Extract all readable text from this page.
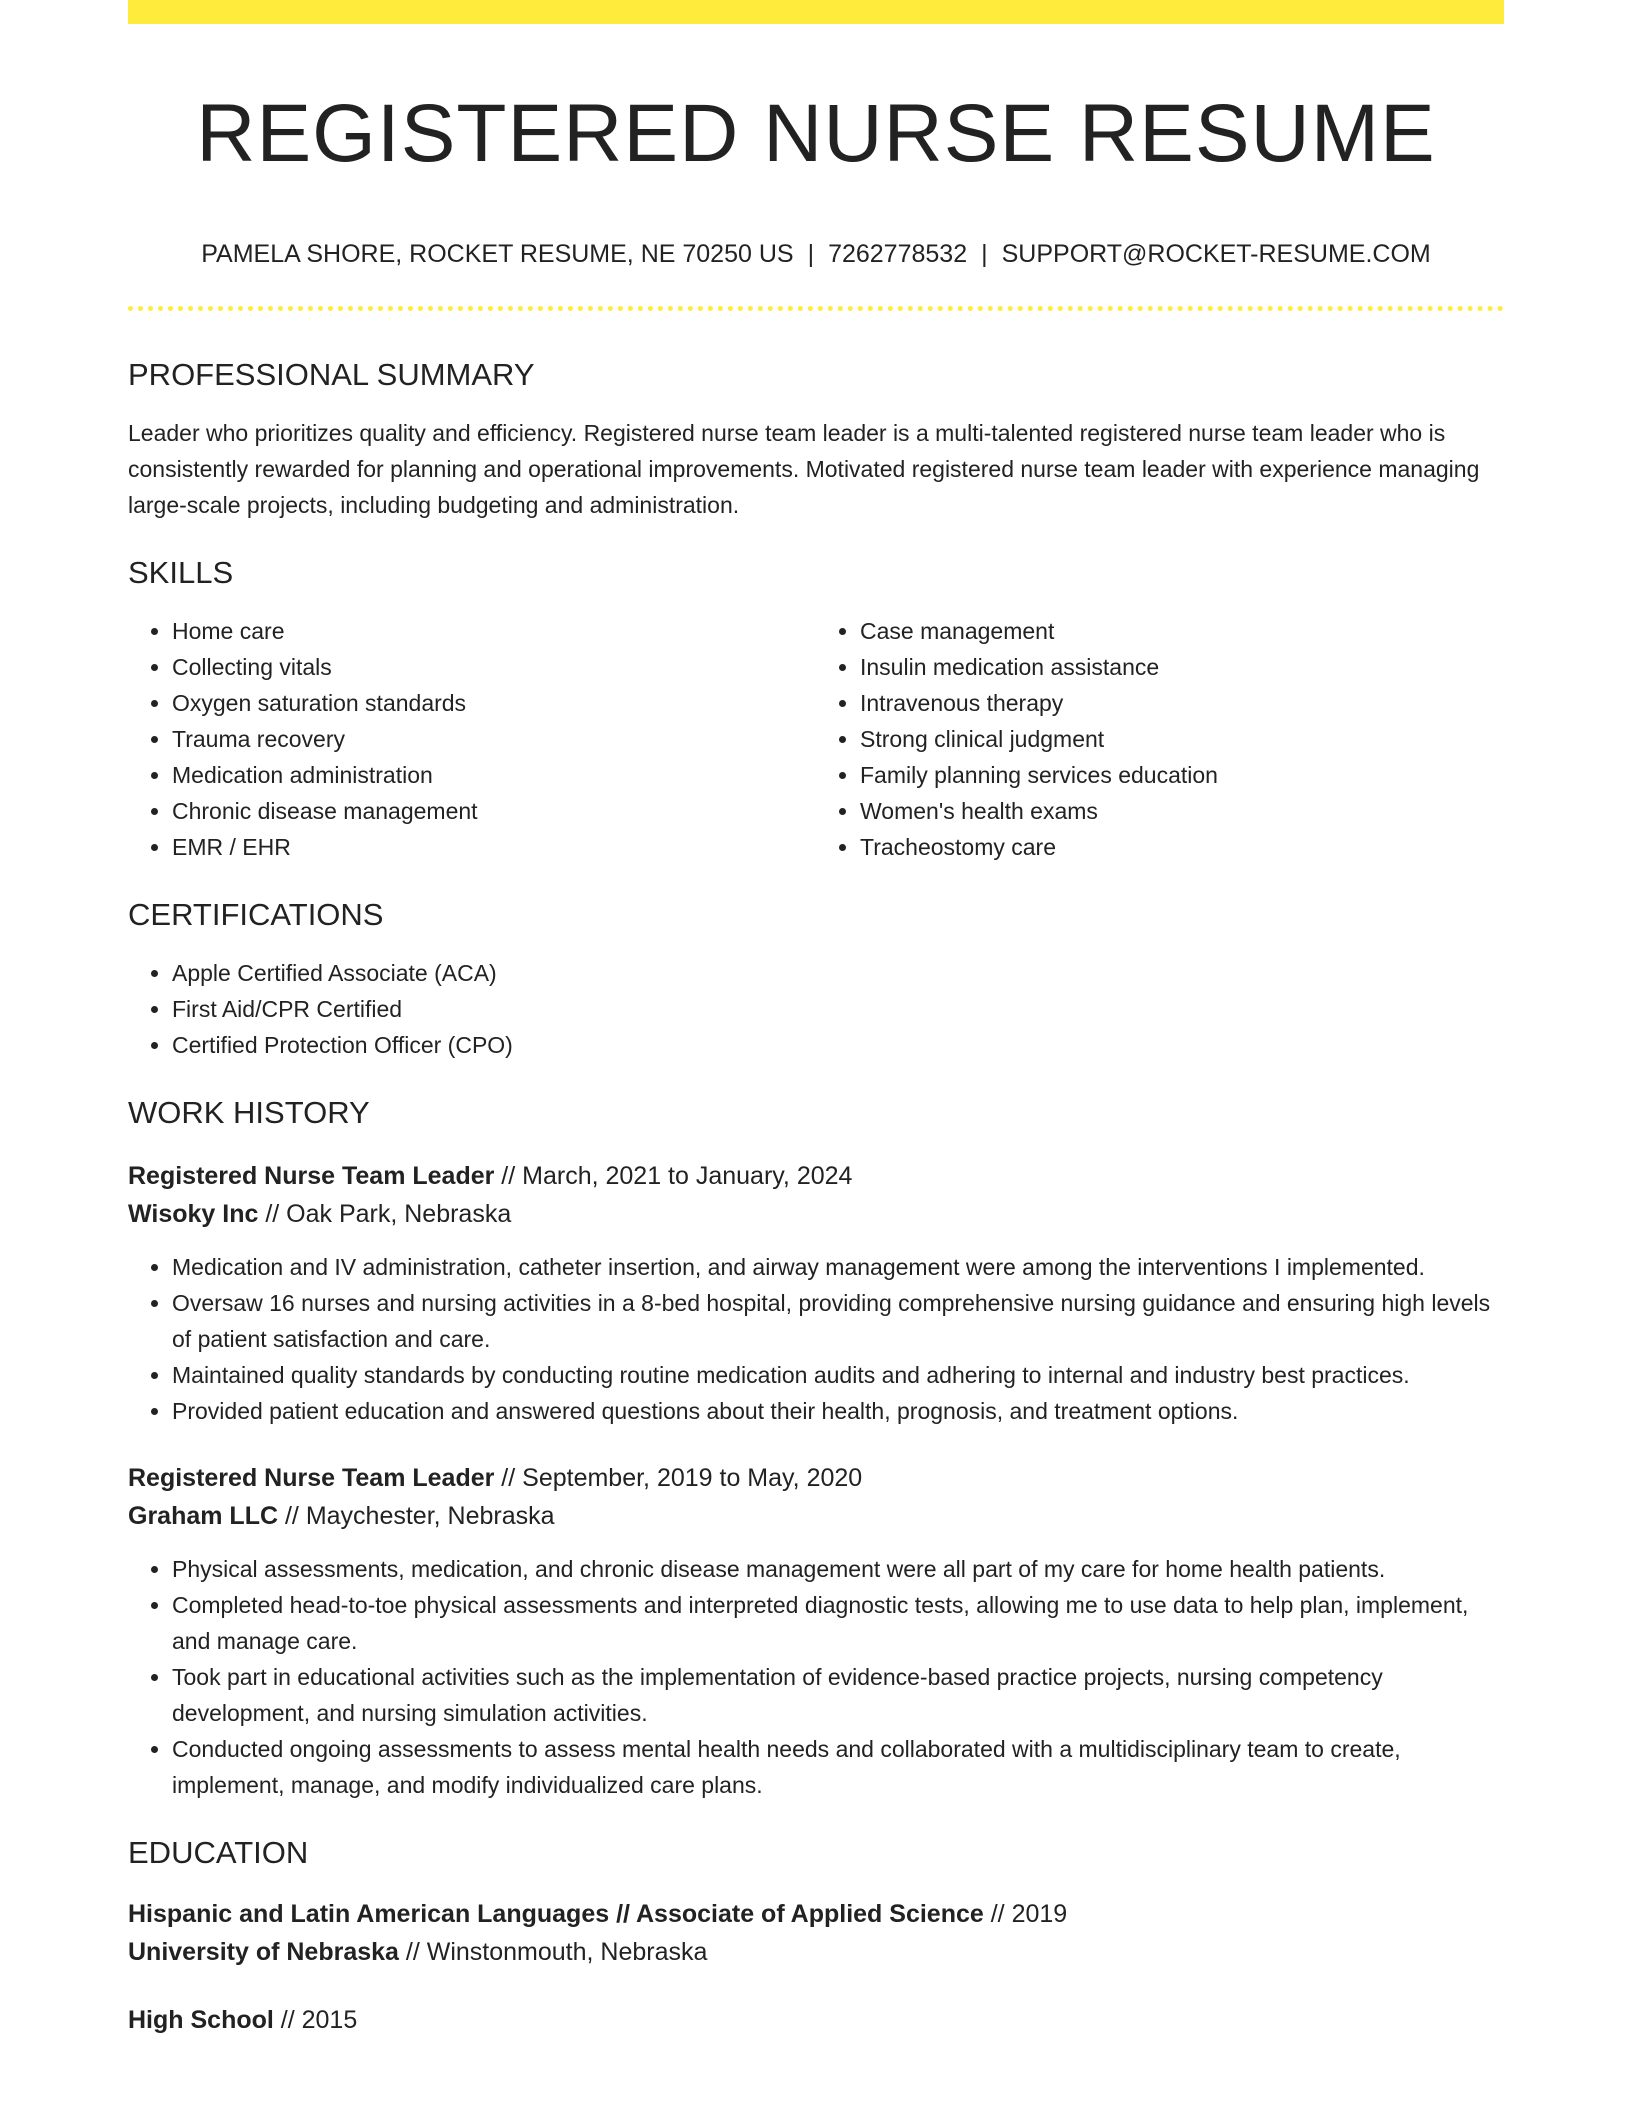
REGISTERED NURSE RESUME
PAMELA SHORE, ROCKET RESUME, NE 70250 US | 7262778532 | SUPPORT@ROCKET-RESUME.COM
PROFESSIONAL SUMMARY
Leader who prioritizes quality and efficiency. Registered nurse team leader is a multi-talented registered nurse team leader who is consistently rewarded for planning and operational improvements. Motivated registered nurse team leader with experience managing large-scale projects, including budgeting and administration.
SKILLS
• Home care
• Collecting vitals
• Oxygen saturation standards
• Trauma recovery
• Medication administration
• Chronic disease management
• EMR / EHR
• Case management
• Insulin medication assistance
• Intravenous therapy
• Strong clinical judgment
• Family planning services education
• Women's health exams
• Tracheostomy care
CERTIFICATIONS
• Apple Certified Associate (ACA)
• First Aid/CPR Certified
• Certified Protection Officer (CPO)
WORK HISTORY
Registered Nurse Team Leader // March, 2021 to January, 2024
Wisoky Inc // Oak Park, Nebraska
• Medication and IV administration, catheter insertion, and airway management were among the interventions I implemented.
• Oversaw 16 nurses and nursing activities in a 8-bed hospital, providing comprehensive nursing guidance and ensuring high levels of patient satisfaction and care.
• Maintained quality standards by conducting routine medication audits and adhering to internal and industry best practices.
• Provided patient education and answered questions about their health, prognosis, and treatment options.
Registered Nurse Team Leader // September, 2019 to May, 2020
Graham LLC // Maychester, Nebraska
• Physical assessments, medication, and chronic disease management were all part of my care for home health patients.
• Completed head-to-toe physical assessments and interpreted diagnostic tests, allowing me to use data to help plan, implement, and manage care.
• Took part in educational activities such as the implementation of evidence-based practice projects, nursing competency development, and nursing simulation activities.
• Conducted ongoing assessments to assess mental health needs and collaborated with a multidisciplinary team to create, implement, manage, and modify individualized care plans.
EDUCATION
Hispanic and Latin American Languages // Associate of Applied Science // 2019
University of Nebraska // Winstonmouth, Nebraska
High School // 2015
